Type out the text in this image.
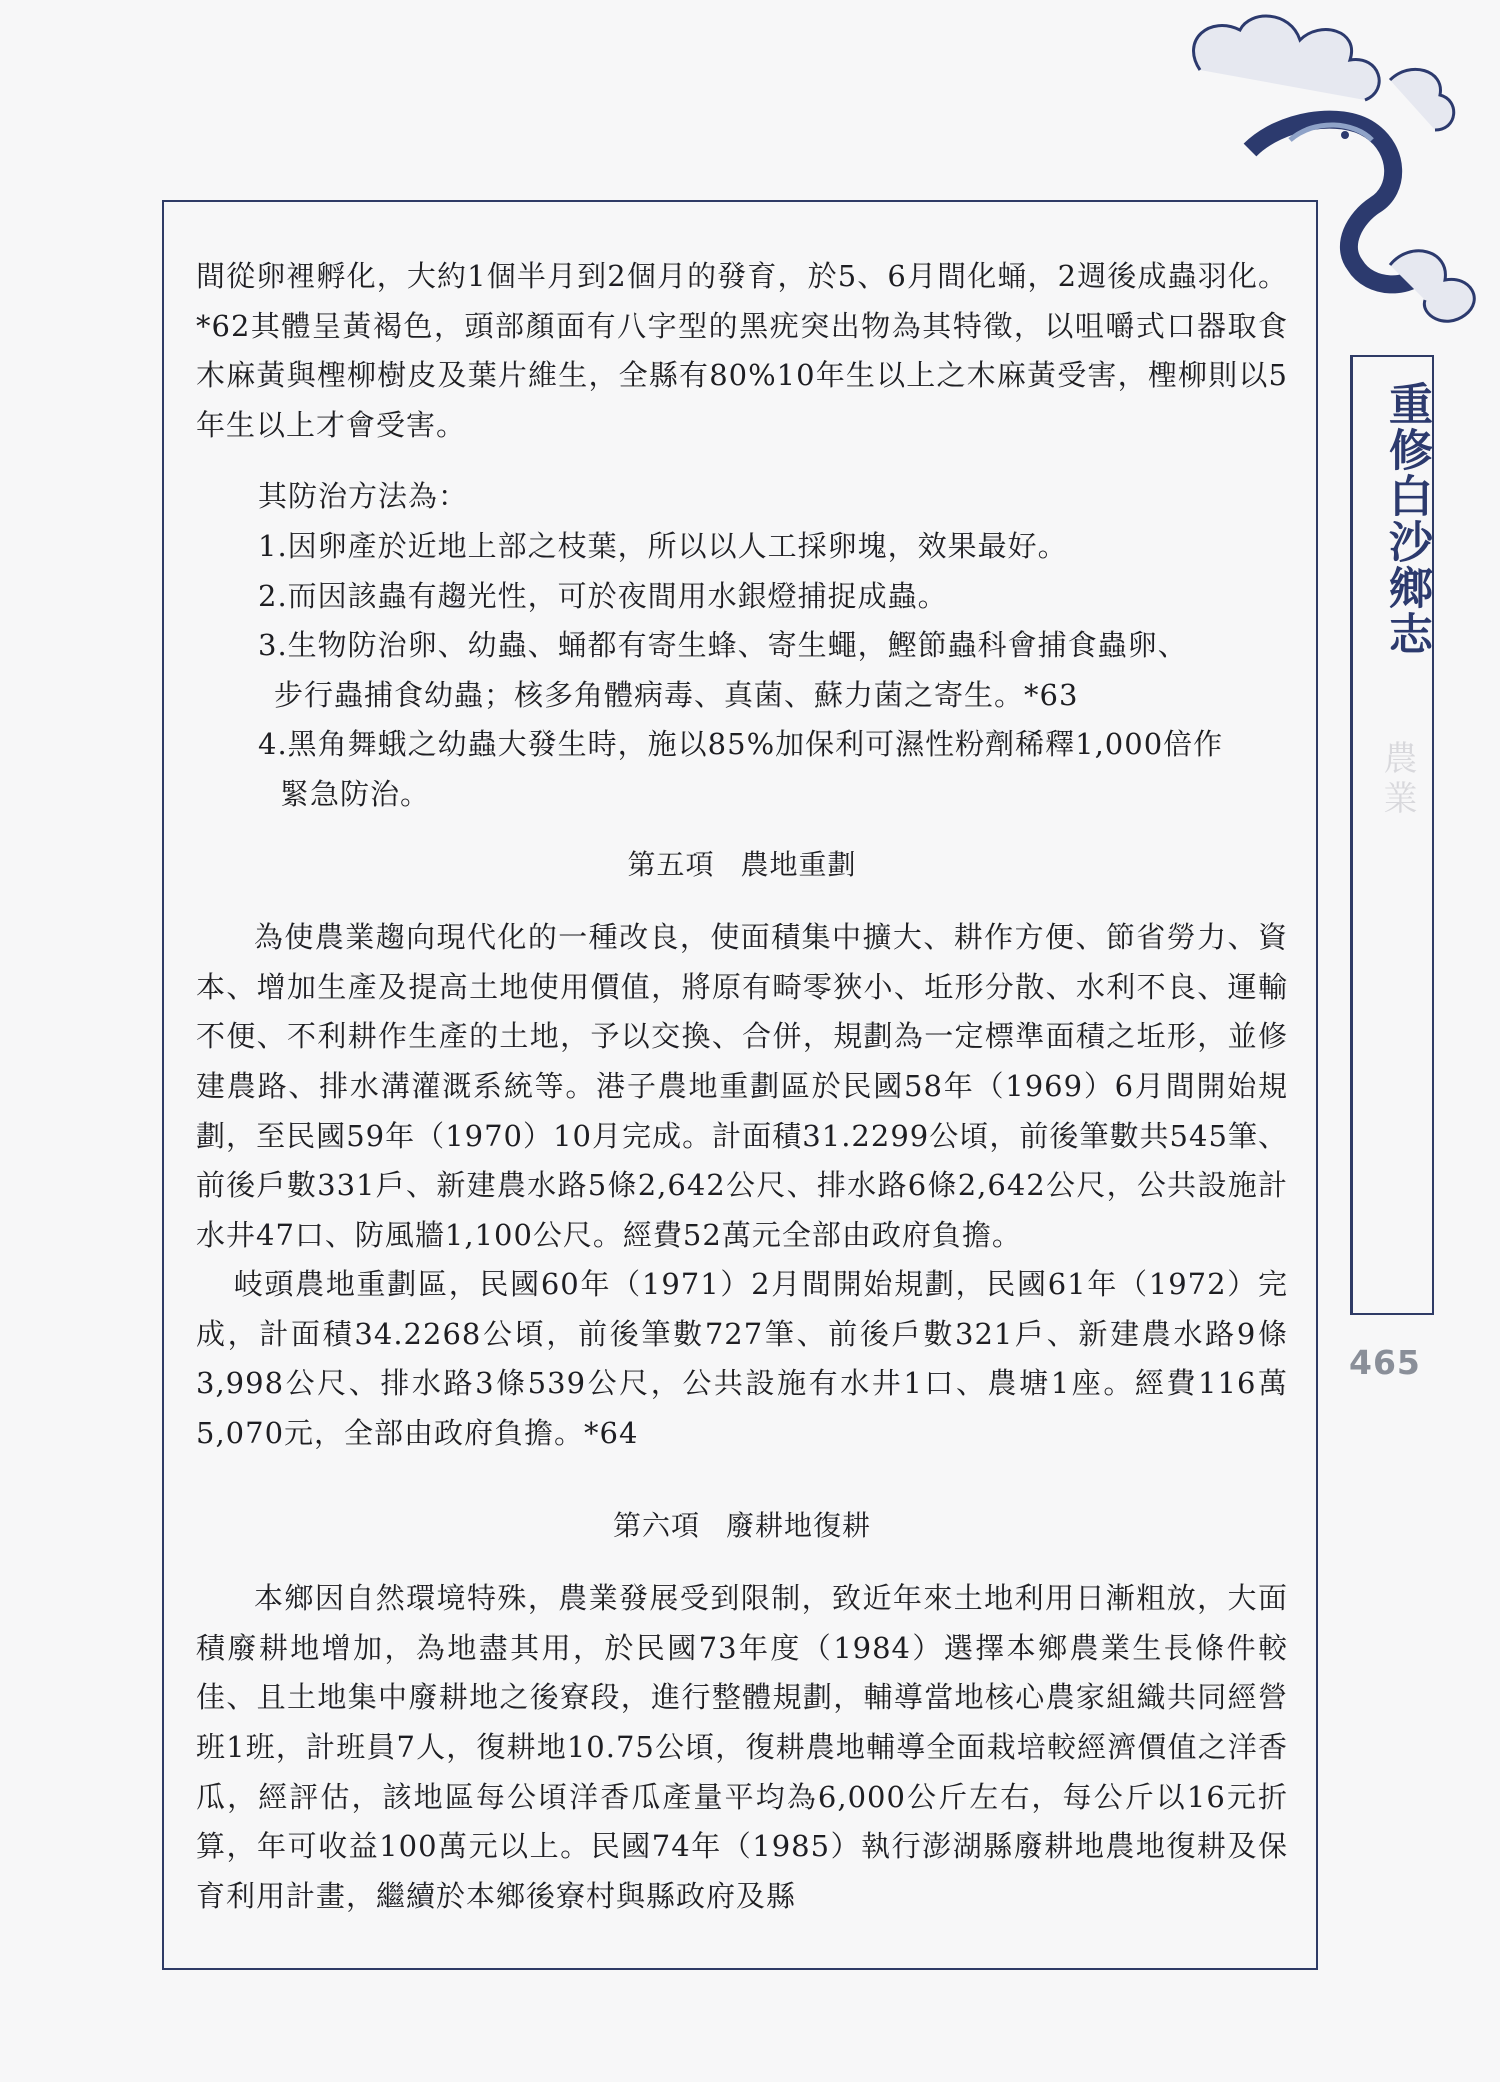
間從卵裡孵化，大約1個半月到2個月的發育，於5、6月間化蛹，2週後成蟲羽化。*62其體呈黃褐色，頭部顏面有八字型的黑疣突出物為其特徵，以咀嚼式口器取食木麻黃與檉柳樹皮及葉片維生，全縣有80%10年生以上之木麻黃受害，檉柳則以5年生以上才會受害。

其防治方法為：

1.因卵產於近地上部之枝葉，所以以人工採卵塊，效果最好。

2.而因該蟲有趨光性，可於夜間用水銀燈捕捉成蟲。

3.生物防治卵、幼蟲、蛹都有寄生蜂、寄生蠅，鰹節蟲科會捕食蟲卵、
步行蟲捕食幼蟲；核多角體病毒、真菌、蘇力菌之寄生。*63

4.黑角舞蛾之幼蟲大發生時，施以85%加保利可濕性粉劑稀釋1,000倍作
緊急防治。

第五項 農地重劃

為使農業趨向現代化的一種改良，使面積集中擴大、耕作方便、節省勞力、資本、增加生產及提高土地使用價值，將原有畸零狹小、坵形分散、水利不良、運輸不便、不利耕作生產的土地，予以交換、合併，規劃為一定標準面積之坵形，並修建農路、排水溝灌溉系統等。港子農地重劃區於民國58年（1969）6月間開始規劃，至民國59年（1970）10月完成。計面積31.2299公頃，前後筆數共545筆、前後戶數331戶、新建農水路5條2,642公尺、排水路6條2,642公尺，公共設施計水井47口、防風牆1,100公尺。經費52萬元全部由政府負擔。

岐頭農地重劃區，民國60年（1971）2月間開始規劃，民國61年（1972）完成，計面積34.2268公頃，前後筆數727筆、前後戶數321戶、新建農水路9條3,998公尺、排水路3條539公尺，公共設施有水井1口、農塘1座。經費116萬5,070元，全部由政府負擔。*64

第六項 廢耕地復耕

本鄉因自然環境特殊，農業發展受到限制，致近年來土地利用日漸粗放，大面積廢耕地增加，為地盡其用，於民國73年度（1984）選擇本鄉農業生長條件較佳、且土地集中廢耕地之後寮段，進行整體規劃，輔導當地核心農家組織共同經營班1班，計班員7人，復耕地10.75公頃，復耕農地輔導全面栽培較經濟價值之洋香瓜，經評估，該地區每公頃洋香瓜產量平均為6,000公斤左右，每公斤以16元折算，年可收益100萬元以上。民國74年（1985）執行澎湖縣廢耕地農地復耕及保育利用計畫，繼續於本鄉後寮村與縣政府及縣

重修白沙鄉志
農業
465
